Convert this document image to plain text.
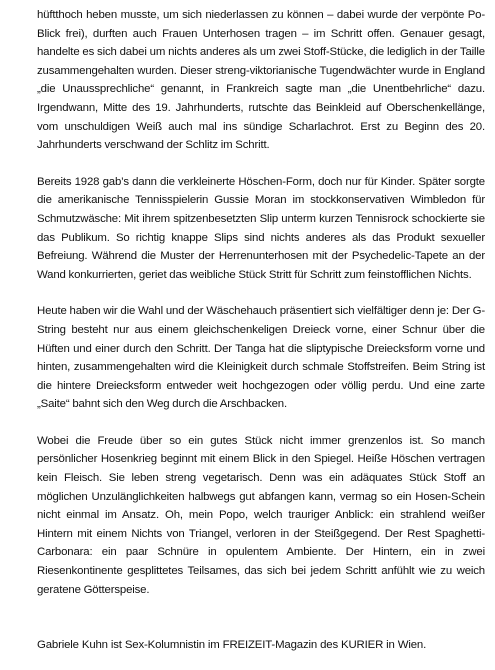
hüftthoch heben musste, um sich niederlassen zu können – dabei wurde der verpönte Po-Blick frei), durften auch Frauen Unterhosen tragen – im Schritt offen. Genauer gesagt, handelte es sich dabei um nichts anderes als um zwei Stoff-Stücke, die lediglich in der Taille zusammengehalten wurden. Dieser streng-viktorianische Tugendwächter wurde in England „die Unaussprechliche“ genannt, in Frankreich sagte man „die Unentbehrliche“ dazu. Irgendwann, Mitte des 19. Jahrhunderts, rutschte das Beinkleid auf Oberschenkellänge, vom unschuldigen Weiß auch mal ins sündige Scharlachrot. Erst zu Beginn des 20. Jahrhunderts verschwand der Schlitz im Schritt.

Bereits 1928 gab’s dann die verkleinerte Höschen-Form, doch nur für Kinder. Später sorgte die amerikanische Tennisspielerin Gussie Moran im stockkonservativen Wimbledon für Schmutzwäsche: Mit ihrem spitzenbesetzten Slip unterm kurzen Tennisrock schockierte sie das Publikum. So richtig knappe Slips sind nichts anderes als das Produkt sexueller Befreiung. Während die Muster der Herrenunterhosen mit der Psychedelic-Tapete an der Wand konkurrierten, geriet das weibliche Stück Stritt für Schritt zum feinstofflichen Nichts.

Heute haben wir die Wahl und der Wäschehauch präsentiert sich vielfältiger denn je: Der G-String besteht nur aus einem gleichschenkeligen Dreieck vorne, einer Schnur über die Hüften und einer durch den Schritt. Der Tanga hat die sliptypische Dreiecksform vorne und hinten, zusammengehalten wird die Kleinigkeit durch schmale Stoffstreifen. Beim String ist die hintere Dreiecksform entweder weit hochgezogen oder völlig perdu. Und eine zarte „Saite“ bahnt sich den Weg durch die Arschbacken.

Wobei die Freude über so ein gutes Stück nicht immer grenzenlos ist. So manch persönlicher Hosenkrieg beginnt mit einem Blick in den Spiegel. Heiße Höschen vertragen kein Fleisch. Sie leben streng vegetarisch. Denn was ein adäquates Stück Stoff an möglichen Unzulänglichkeiten halbwegs gut abfangen kann, vermag so ein Hosen-Schein nicht einmal im Ansatz. Oh, mein Popo, welch trauriger Anblick: ein strahlend weißer Hintern mit einem Nichts von Triangel, verloren in der Steißgegend. Der Rest Spaghetti-Carbonara: ein paar Schnüre in opulentem Ambiente. Der Hintern, ein in zwei Riesenkontinente gesplittetes Teilsames, das sich bei jedem Schritt anfühlt wie zu weich geratene Götterspeise.

Gabriele Kuhn ist Sex-Kolumnistin im FREIZEIT-Magazin des KURIER in Wien.
